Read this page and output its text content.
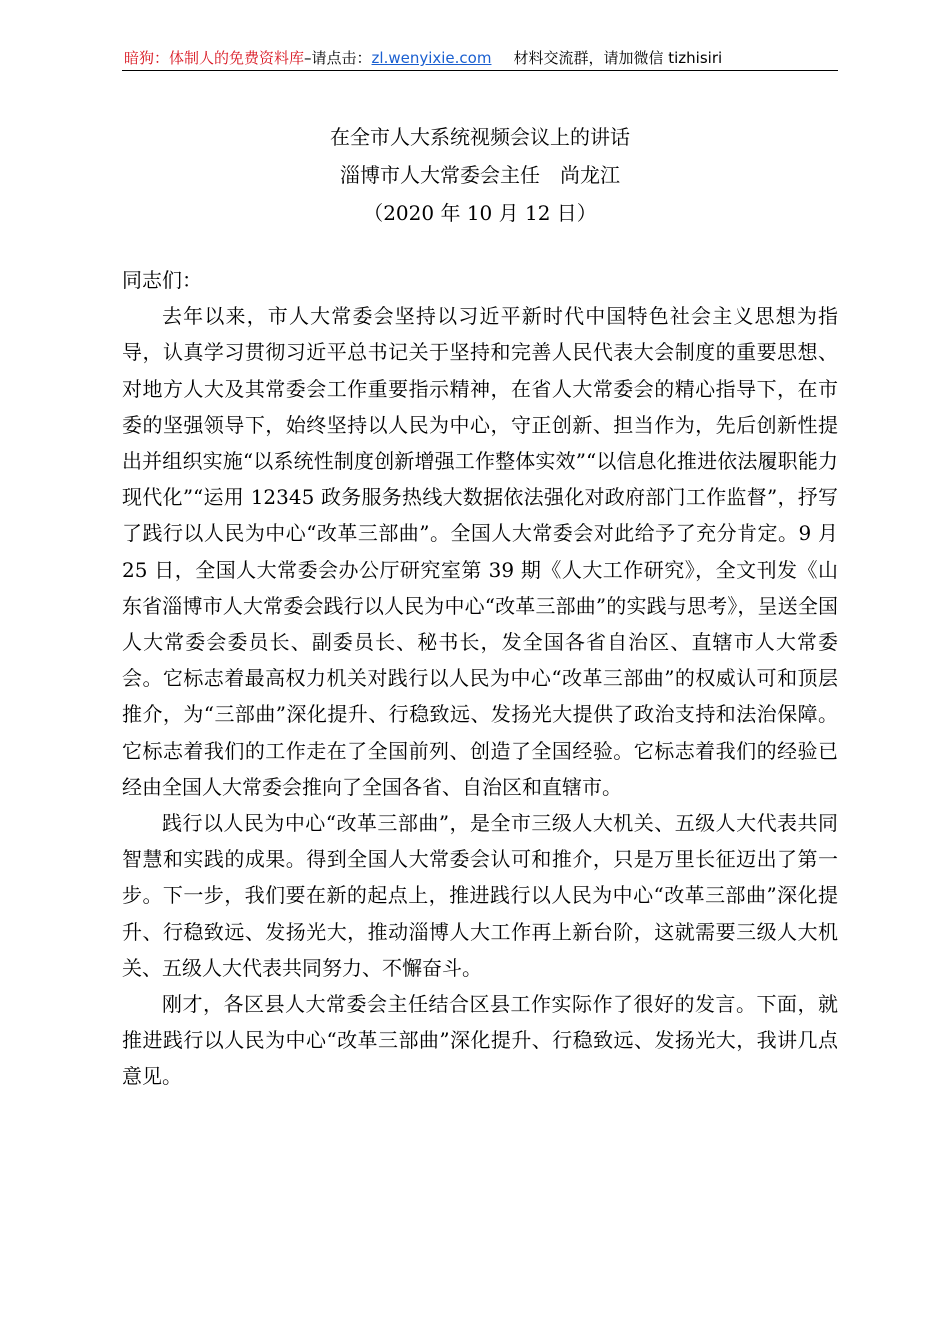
暗狗：体制人的免费资料库–请点击：zl.wenyixie.com 材料交流群，请加微信 tizhisiri
在全市人大系统视频会议上的讲话
淄博市人大常委会主任　尚龙江
（2020 年 10 月 12 日）

同志们：

去年以来，市人大常委会坚持以习近平新时代中国特色社会主义思想为指导，认真学习贯彻习近平总书记关于坚持和完善人民代表大会制度的重要思想、对地方人大及其常委会工作重要指示精神，在省人大常委会的精心指导下，在市委的坚强领导下，始终坚持以人民为中心，守正创新、担当作为，先后创新性提出并组织实施“以系统性制度创新增强工作整体实效”“以信息化推进依法履职能力现代化”“运用 12345 政务服务热线大数据依法强化对政府部门工作监督”，抒写了践行以人民为中心“改革三部曲”。全国人大常委会对此给予了充分肯定。9 月 25 日，全国人大常委会办公厅研究室第 39 期《人大工作研究》，全文刊发《山东省淄博市人大常委会践行以人民为中心“改革三部曲”的实践与思考》，呈送全国人大常委会委员长、副委员长、秘书长，发全国各省自治区、直辖市人大常委会。它标志着最高权力机关对践行以人民为中心“改革三部曲”的权威认可和顶层推介，为“三部曲”深化提升、行稳致远、发扬光大提供了政治支持和法治保障。它标志着我们的工作走在了全国前列、创造了全国经验。它标志着我们的经验已经由全国人大常委会推向了全国各省、自治区和直辖市。

践行以人民为中心“改革三部曲”，是全市三级人大机关、五级人大代表共同智慧和实践的成果。得到全国人大常委会认可和推介，只是万里长征迈出了第一步。下一步，我们要在新的起点上，推进践行以人民为中心“改革三部曲”深化提升、行稳致远、发扬光大，推动淄博人大工作再上新台阶，这就需要三级人大机关、五级人大代表共同努力、不懈奋斗。

刚才，各区县人大常委会主任结合区县工作实际作了很好的发言。下面，就推进践行以人民为中心“改革三部曲”深化提升、行稳致远、发扬光大，我讲几点意见。
